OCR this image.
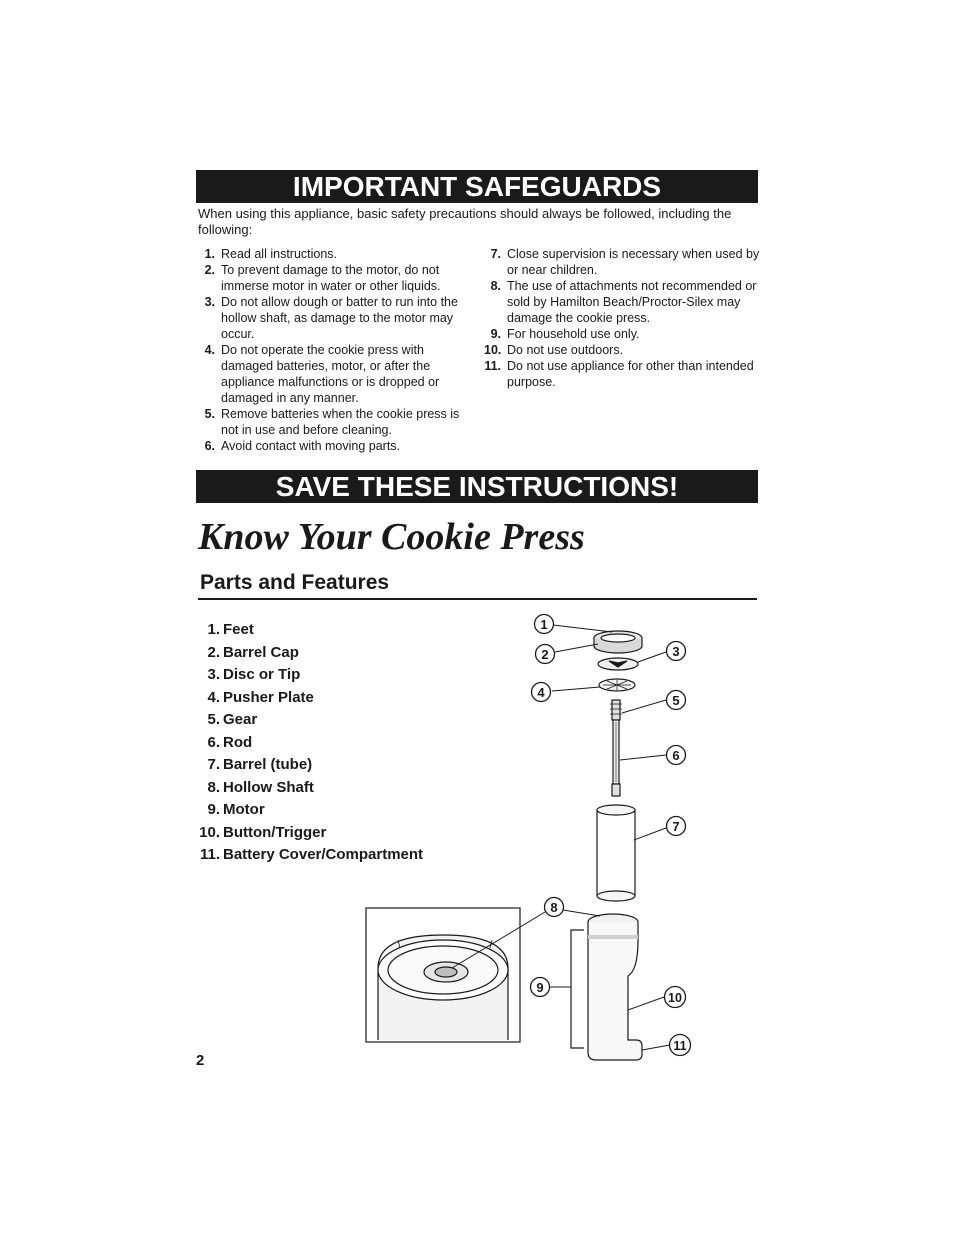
IMPORTANT SAFEGUARDS

When using this appliance, basic safety precautions should always be followed, including the following:

1. Read all instructions.
2. To prevent damage to the motor, do not immerse motor in water or other liquids.
3. Do not allow dough or batter to run into the hollow shaft, as damage to the motor may occur.
4. Do not operate the cookie press with damaged batteries, motor, or after the appliance malfunctions or is dropped or damaged in any manner.
5. Remove batteries when the cookie press is not in use and before cleaning.
6. Avoid contact with moving parts.
7. Close supervision is necessary when used by or near children.
8. The use of attachments not recommended or sold by Hamilton Beach/Proctor-Silex may damage the cookie press.
9. For household use only.
10. Do not use outdoors.
11. Do not use appliance for other than intended purpose.
SAVE THESE INSTRUCTIONS!
Know Your Cookie Press
Parts and Features
1. Feet
2. Barrel Cap
3. Disc or Tip
4. Pusher Plate
5. Gear
6. Rod
7. Barrel (tube)
8. Hollow Shaft
9. Motor
10. Button/Trigger
11. Battery Cover/Compartment
1
2	3
4
5
6
7
8
9
10
11
2
